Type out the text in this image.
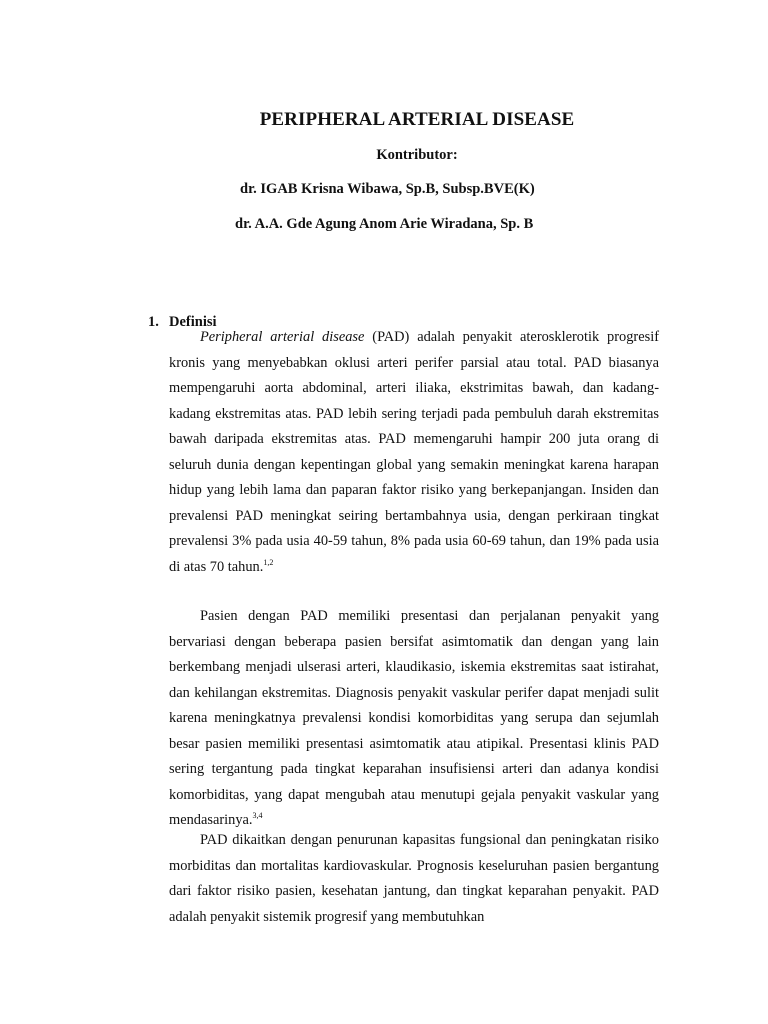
PERIPHERAL ARTERIAL DISEASE
Kontributor:
dr. IGAB Krisna Wibawa, Sp.B, Subsp.BVE(K)
dr. A.A. Gde Agung Anom Arie Wiradana, Sp. B
1. Definisi

Peripheral arterial disease (PAD) adalah penyakit aterosklerotik progresif kronis yang menyebabkan oklusi arteri perifer parsial atau total. PAD biasanya mempengaruhi aorta abdominal, arteri iliaka, ekstrimitas bawah, dan kadang- kadang ekstremitas atas. PAD lebih sering terjadi pada pembuluh darah ekstremitas bawah daripada ekstremitas atas. PAD memengaruhi hampir 200 juta orang di seluruh dunia dengan kepentingan global yang semakin meningkat karena harapan hidup yang lebih lama dan paparan faktor risiko yang berkepanjangan. Insiden dan prevalensi PAD meningkat seiring bertambahnya usia, dengan perkiraan tingkat prevalensi 3% pada usia 40-59 tahun, 8% pada usia 60-69 tahun, dan 19% pada usia di atas 70 tahun.$^{1,2}$

Pasien dengan PAD memiliki presentasi dan perjalanan penyakit yang bervariasi dengan beberapa pasien bersifat asimtomatik dan dengan yang lain berkembang menjadi ulserasi arteri, klaudikasio, iskemia ekstremitas saat istirahat, dan kehilangan ekstremitas. Diagnosis penyakit vaskular perifer dapat menjadi sulit karena meningkatnya prevalensi kondisi komorbiditas yang serupa dan sejumlah besar pasien memiliki presentasi asimtomatik atau atipikal. Presentasi klinis PAD sering tergantung pada tingkat keparahan insufisiensi arteri dan adanya kondisi komorbiditas, yang dapat mengubah atau menutupi gejala penyakit vaskular yang mendasarinya.$^{3,4}$

PAD dikaitkan dengan penurunan kapasitas fungsional dan peningkatan risiko morbiditas dan mortalitas kardiovaskular. Prognosis keseluruhan pasien bergantung dari faktor risiko pasien, kesehatan jantung, dan tingkat keparahan penyakit. PAD adalah penyakit sistemik progresif yang membutuhkan
